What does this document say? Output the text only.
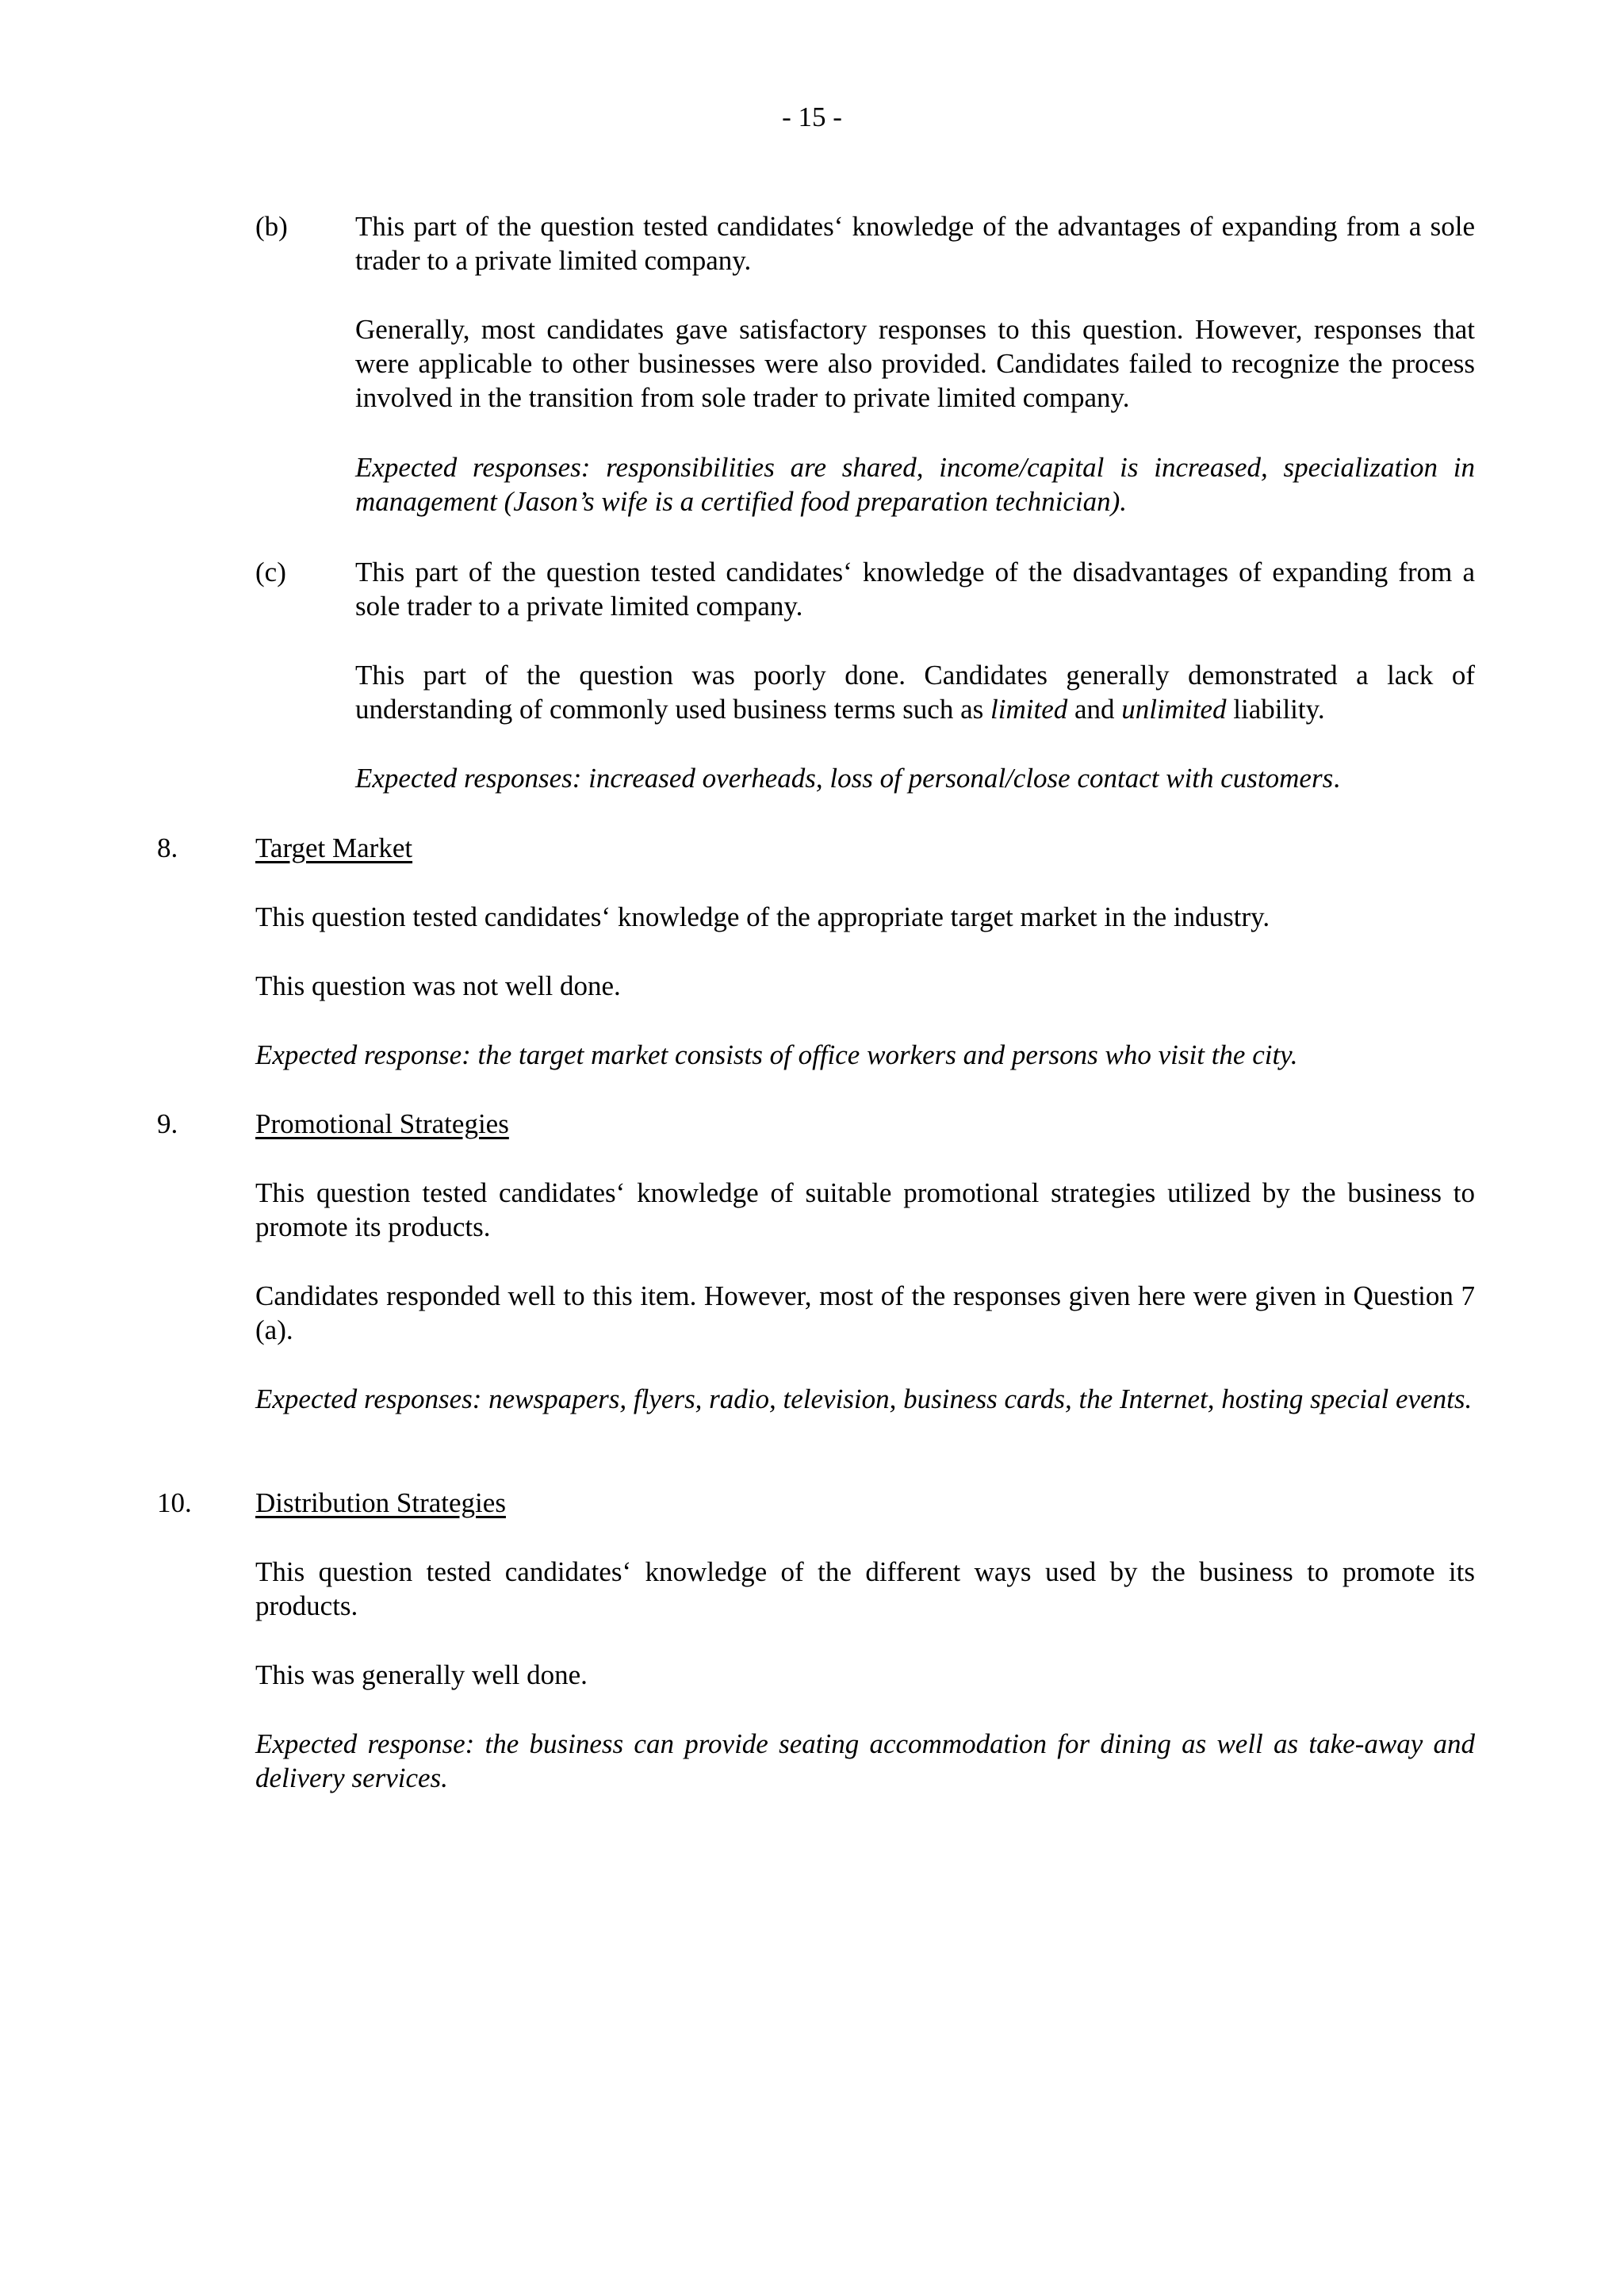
- 15 -
(b) This part of the question tested candidates‘ knowledge of the advantages of expanding from a sole trader to a private limited company.
Generally, most candidates gave satisfactory responses to this question. However, responses that were applicable to other businesses were also provided. Candidates failed to recognize the process involved in the transition from sole trader to private limited company.
Expected responses: responsibilities are shared, income/capital is increased, specialization in management (Jason’s wife is a certified food preparation technician).
(c) This part of the question tested candidates‘ knowledge of the disadvantages of expanding from a sole trader to a private limited company.
This part of the question was poorly done. Candidates generally demonstrated a lack of understanding of commonly used business terms such as limited and unlimited liability.
Expected responses: increased overheads, loss of personal/close contact with customers.
8.	Target Market
This question tested candidates‘ knowledge of the appropriate target market in the industry.
This question was not well done.
Expected response: the target market consists of office workers and persons who visit the city.
9.	Promotional Strategies
This question tested candidates‘ knowledge of suitable promotional strategies utilized by the business to promote its products.
Candidates responded well to this item. However, most of the responses given here were given in Question 7 (a).
Expected responses: newspapers, flyers, radio, television, business cards, the Internet, hosting special events.
10. Distribution Strategies
This question tested candidates‘ knowledge of the different ways used by the business to promote its products.
This was generally well done.
Expected response: the business can provide seating accommodation for dining as well as take-away and delivery services.
